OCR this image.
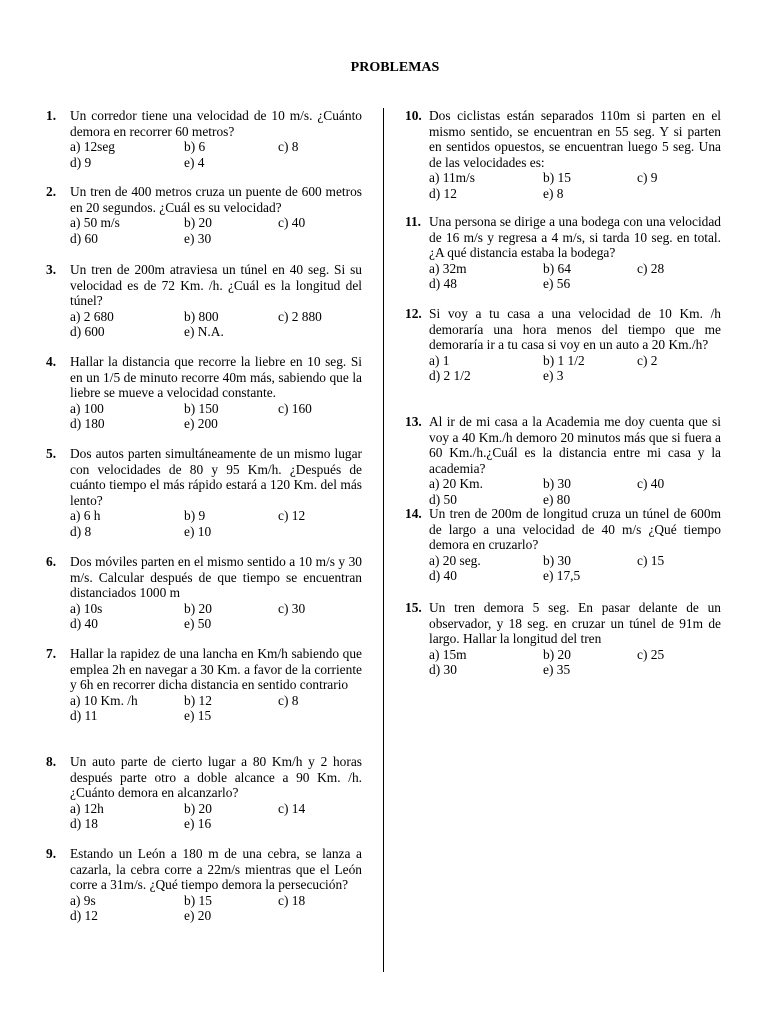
PROBLEMAS
1. Un corredor tiene una velocidad de 10 m/s. ¿Cuánto demora en recorrer 60 metros?
a) 12seg	b) 6	c) 8
d) 9	e) 4
2. Un tren de 400 metros cruza un puente de 600 metros en 20 segundos. ¿Cuál es su velocidad?
a) 50 m/s	b) 20	c) 40
d) 60	e) 30
3. Un tren de 200m atraviesa un túnel en 40 seg. Si su velocidad es de 72 Km. /h. ¿Cuál es la longitud del túnel?
a) 2 680	b) 800	c) 2 880
d) 600	e) N.A.
4. Hallar la distancia que recorre la liebre en 10 seg. Si en un 1/5 de minuto recorre 40m más, sabiendo que la liebre se mueve a velocidad constante.
a) 100	b) 150	c) 160
d) 180	e) 200
5. Dos autos parten simultáneamente de un mismo lugar con velocidades de 80 y 95 Km/h. ¿Después de cuánto tiempo el más rápido estará a 120 Km. del más lento?
a) 6 h	b) 9	c) 12
d) 8	e) 10
6. Dos móviles parten en el mismo sentido a 10 m/s y 30 m/s. Calcular después de que tiempo se encuentran distanciados 1000 m
a) 10s	b) 20	c) 30
d) 40	e) 50
7. Hallar la rapidez de una lancha en Km/h sabiendo que emplea 2h en navegar a 30 Km. a favor de la corriente y 6h en recorrer dicha distancia en sentido contrario
a) 10 Km. /h	b) 12	c) 8
d) 11	e) 15
8. Un auto parte de cierto lugar a 80 Km/h y 2 horas después parte otro a doble alcance a 90 Km. /h. ¿Cuánto demora en alcanzarlo?
a) 12h	b) 20	c) 14
d) 18	e) 16
9. Estando un León a 180 m de una cebra, se lanza a cazarla, la cebra corre a 22m/s mientras que el León corre a 31m/s. ¿Qué tiempo demora la persecución?
a) 9s	b) 15	c) 18
d) 12	e) 20
10. Dos ciclistas están separados 110m si parten en el mismo sentido, se encuentran en 55 seg. Y si parten en sentidos opuestos, se encuentran luego 5 seg. Una de las velocidades es:
a) 11m/s	b) 15	c) 9
d) 12	e) 8
11. Una persona se dirige a una bodega con una velocidad de 16 m/s y regresa a 4 m/s, si tarda 10 seg. en total. ¿A qué distancia estaba la bodega?
a) 32m	b) 64	c) 28
d) 48	e) 56
12. Si voy a tu casa a una velocidad de 10 Km. /h demoraría una hora menos del tiempo que me demoraría ir a tu casa si voy en un auto a 20 Km./h?
a) 1	b) 1 1/2	c) 2
d) 2 1/2	e) 3
13. Al ir de mi casa a la Academia me doy cuenta que si voy a 40 Km./h demoro 20 minutos más que si fuera a 60 Km./h.¿Cuál es la distancia entre mi casa y la academia?
a) 20 Km.	b) 30	c) 40
d) 50	e) 80
14. Un tren de 200m de longitud cruza un túnel de 600m de largo a una velocidad de 40 m/s ¿Qué tiempo demora en cruzarlo?
a) 20 seg.	b) 30	c) 15
d) 40	e) 17,5
15. Un tren demora 5 seg. En pasar delante de un observador, y 18 seg. en cruzar un túnel de 91m de largo. Hallar la longitud del tren
a) 15m	b) 20	c) 25
d) 30	e) 35
